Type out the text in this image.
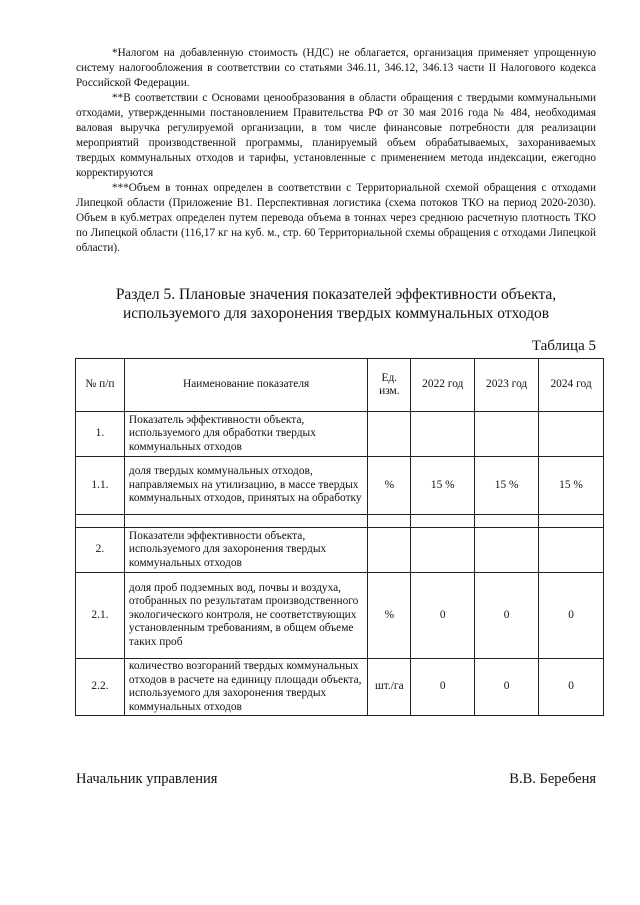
*Налогом на добавленную стоимость (НДС) не облагается, организация применяет упрощенную систему налогообложения в соответствии со статьями 346.11, 346.12, 346.13 части II Налогового кодекса Российской Федерации.

**В соответствии с Основами ценообразования в области обращения с твердыми коммунальными отходами, утвержденными постановлением Правительства РФ от 30 мая 2016 года № 484, необходимая валовая выручка регулируемой организации, в том числе финансовые потребности для реализации мероприятий производственной программы, планируемый объем обрабатываемых, захораниваемых твердых коммунальных отходов и тарифы, установленные с применением метода индексации, ежегодно корректируются

***Объем в тоннах определен в соответствии с Территориальной схемой обращения с отходами Липецкой области (Приложение В1. Перспективная логистика (схема потоков ТКО на период 2020-2030). Объем в куб.метрах определен путем перевода объема в тоннах через среднюю расчетную плотность ТКО по Липецкой области (116,17 кг на куб. м., стр. 60 Территориальной схемы обращения с отходами Липецкой области).

Раздел 5. Плановые значения показателей эффективности объекта, используемого для захоронения твердых коммунальных отходов
Таблица 5
№ п/п	Наименование показателя	Ед. изм.	2022 год	2023 год	2024 год
1.	Показатель эффективности объекта, используемого для обработки твердых коммунальных отходов				
1.1.	доля твердых коммунальных отходов, направляемых на утилизацию, в массе твердых коммунальных отходов, принятых на обработку	%	15 %	15 %	15 %

2.	Показатели эффективности объекта, используемого для захоронения твердых коммунальных отходов				
2.1.	доля проб подземных вод, почвы и воздуха, отобранных по результатам производственного экологического контроля, не соответствующих установленным требованиям, в общем объеме таких проб	%	0	0	0
2.2.	количество возгораний твердых коммунальных отходов в расчете на единицу площади объекта, используемого для захоронения твердых коммунальных отходов	шт./га	0	0	0
Начальник управления	В.В. Беребеня
